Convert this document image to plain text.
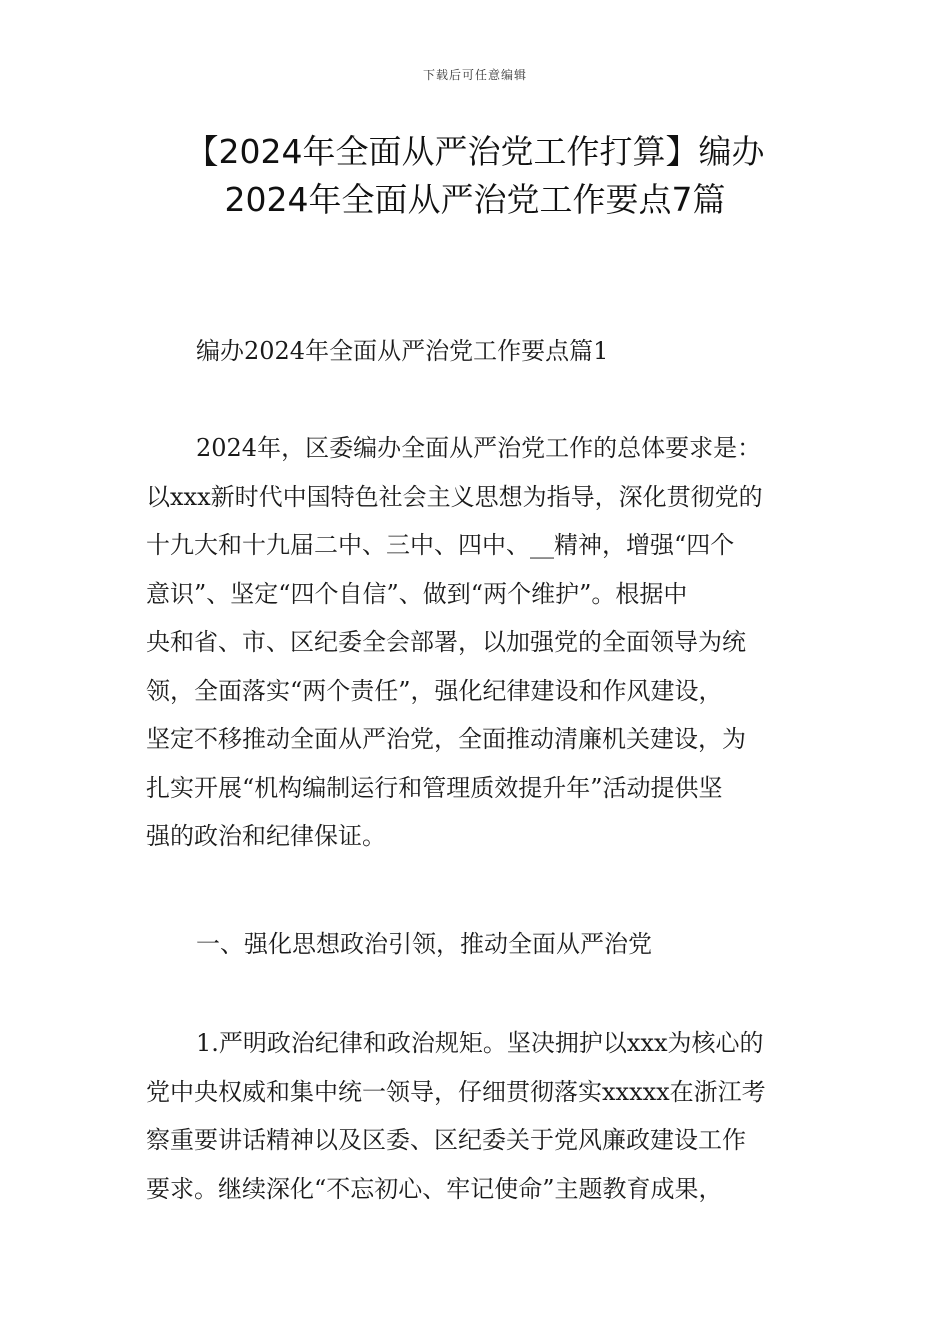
下载后可任意编辑
【2024年全面从严治党工作打算】编办
2024年全面从严治党工作要点7篇
编办2024年全面从严治党工作要点篇1
2024年，区委编办全面从严治党工作的总体要求是：
以xxx新时代中国特色社会主义思想为指导，深化贯彻党的
十九大和十九届二中、三中、四中、__精神，增强“四个
意识”、坚定“四个自信”、做到“两个维护”。根据中
央和省、市、区纪委全会部署，以加强党的全面领导为统
领，全面落实“两个责任”，强化纪律建设和作风建设，
坚定不移推动全面从严治党，全面推动清廉机关建设，为
扎实开展“机构编制运行和管理质效提升年”活动提供坚
强的政治和纪律保证。
一、强化思想政治引领，推动全面从严治党
1.严明政治纪律和政治规矩。坚决拥护以xxx为核心的
党中央权威和集中统一领导，仔细贯彻落实xxxxx在浙江考
察重要讲话精神以及区委、区纪委关于党风廉政建设工作
要求。继续深化“不忘初心、牢记使命”主题教育成果，
